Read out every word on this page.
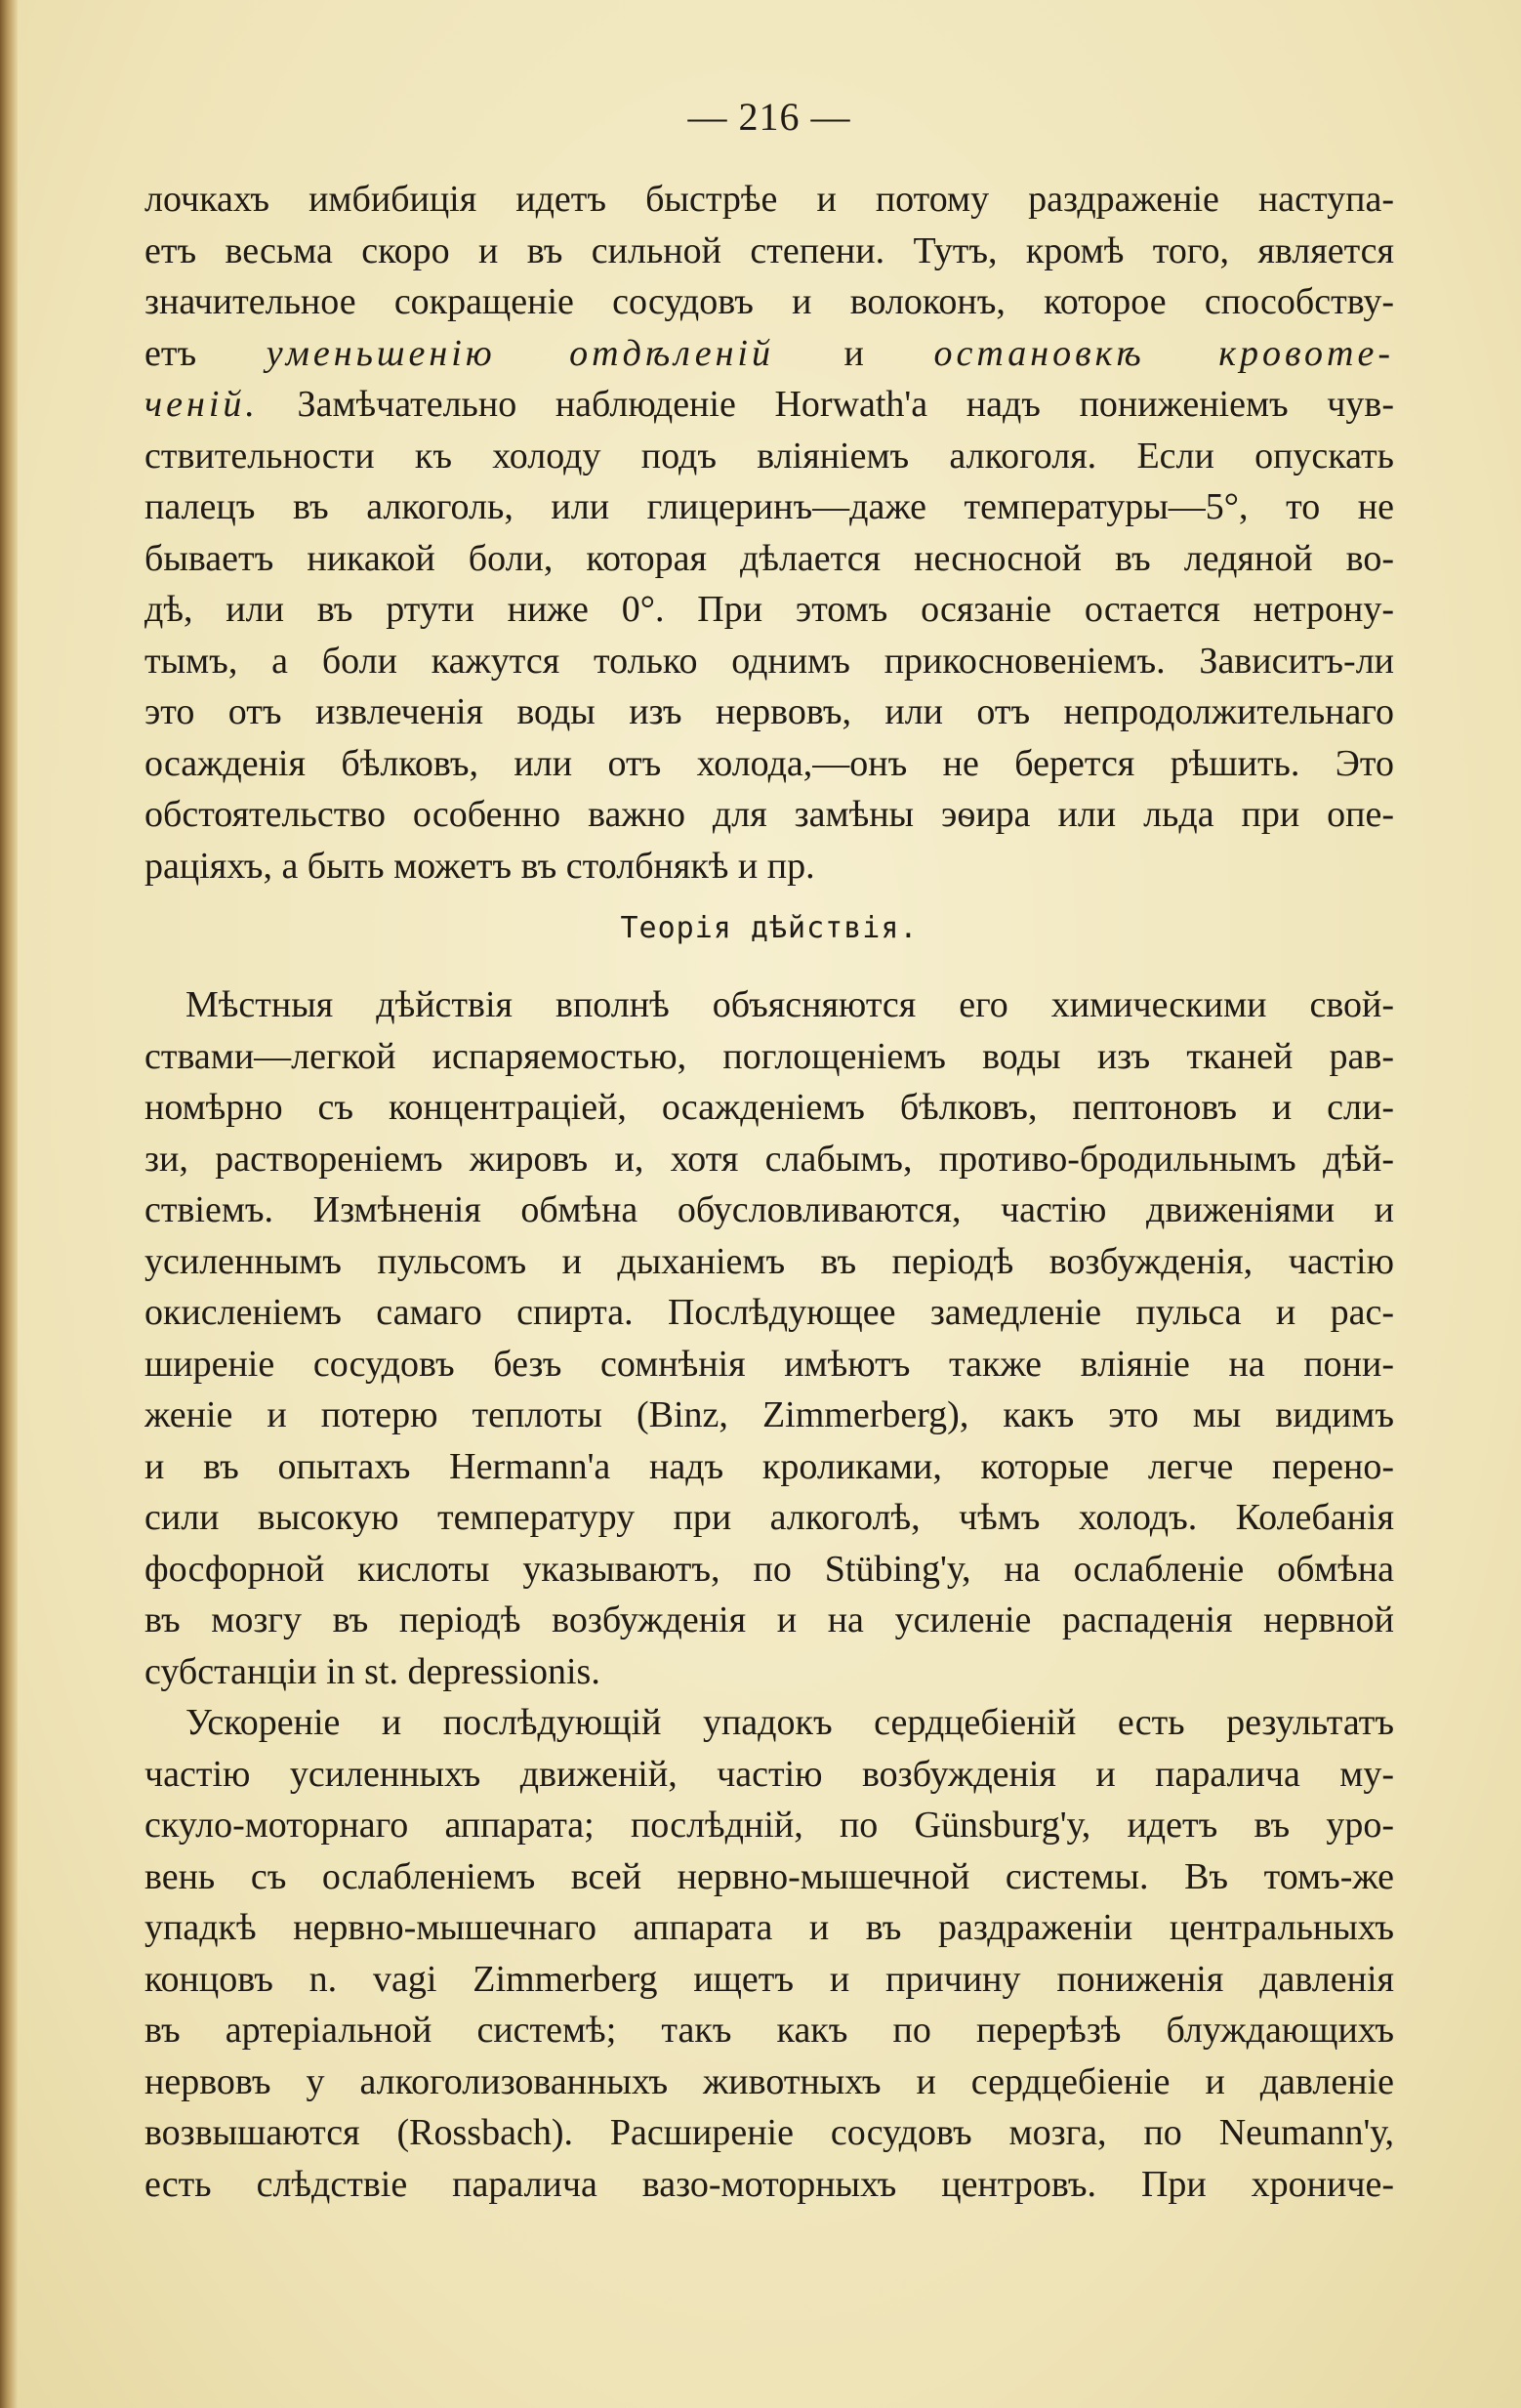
— 216 —
лочкахъ имбибиція идетъ быстрѣе и потому раздраженіе наступа-
етъ весьма скоро и въ сильной степени. Тутъ, кромѣ того, является
значительное сокращеніе сосудовъ и волоконъ, которое способству-
етъ уменьшенію отдѣленій и остановкѣ кровоте-
ченій. Замѣчательно наблюденіе Horwath'а надъ пониженіемъ чув-
ствительности къ холоду подъ вліяніемъ алкоголя. Если опускать
палецъ въ алкоголь, или глицеринъ—даже температуры—5°, то не
бываетъ никакой боли, которая дѣлается несносной въ ледяной во-
дѣ, или въ ртути ниже 0°. При этомъ осязаніе остается нетрону-
тымъ, а боли кажутся только однимъ прикосновеніемъ. Зависитъ-ли
это отъ извлеченія воды изъ нервовъ, или отъ непродолжительнаго
осажденія бѣлковъ, или отъ холода,—онъ не берется рѣшить. Это
обстоятельство особенно важно для замѣны эѳира или льда при опе-
раціяхъ, а быть можетъ въ столбнякѣ и пр.
Теорія дѣйствія.
Мѣстныя дѣйствія вполнѣ объясняются его химическими свой-
ствами—легкой испаряемостью, поглощеніемъ воды изъ тканей рав-
номѣрно съ концентраціей, осажденіемъ бѣлковъ, пептоновъ и сли-
зи, раствореніемъ жировъ и, хотя слабымъ, противо-бродильнымъ дѣй-
ствіемъ. Измѣненія обмѣна обусловливаются, частію движеніями и
усиленнымъ пульсомъ и дыханіемъ въ періодѣ возбужденія, частію
окисленіемъ самаго спирта. Послѣдующее замедленіе пульса и рас-
ширеніе сосудовъ безъ сомнѣнія имѣютъ также вліяніе на пони-
женіе и потерю теплоты (Binz, Zimmerberg), какъ это мы видимъ
и въ опытахъ Hermann'а надъ кроликами, которые легче перено-
сили высокую температуру при алкоголѣ, чѣмъ холодъ. Колебанія
фосфорной кислоты указываютъ, по Stübing'у, на ослабленіе обмѣна
въ мозгу въ періодѣ возбужденія и на усиленіе распаденія нервной
субстанціи in st. depressionis.
Ускореніе и послѣдующій упадокъ сердцебіеній есть результатъ
частію усиленныхъ движеній, частію возбужденія и паралича му-
скуло-моторнаго аппарата; послѣдній, по Günsburg'у, идетъ въ уро-
вень съ ослабленіемъ всей нервно-мышечной системы. Въ томъ-же
упадкѣ нервно-мышечнаго аппарата и въ раздраженіи центральныхъ
концовъ n. vagi Zimmerberg ищетъ и причину пониженія давленія
въ артеріальной системѣ; такъ какъ по перерѣзѣ блуждающихъ
нервовъ у алкоголизованныхъ животныхъ и сердцебіеніе и давленіе
возвышаются (Rossbach). Расширеніе сосудовъ мозга, по Neumann'у,
есть слѣдствіе паралича вазо-моторныхъ центровъ. При хрониче-
